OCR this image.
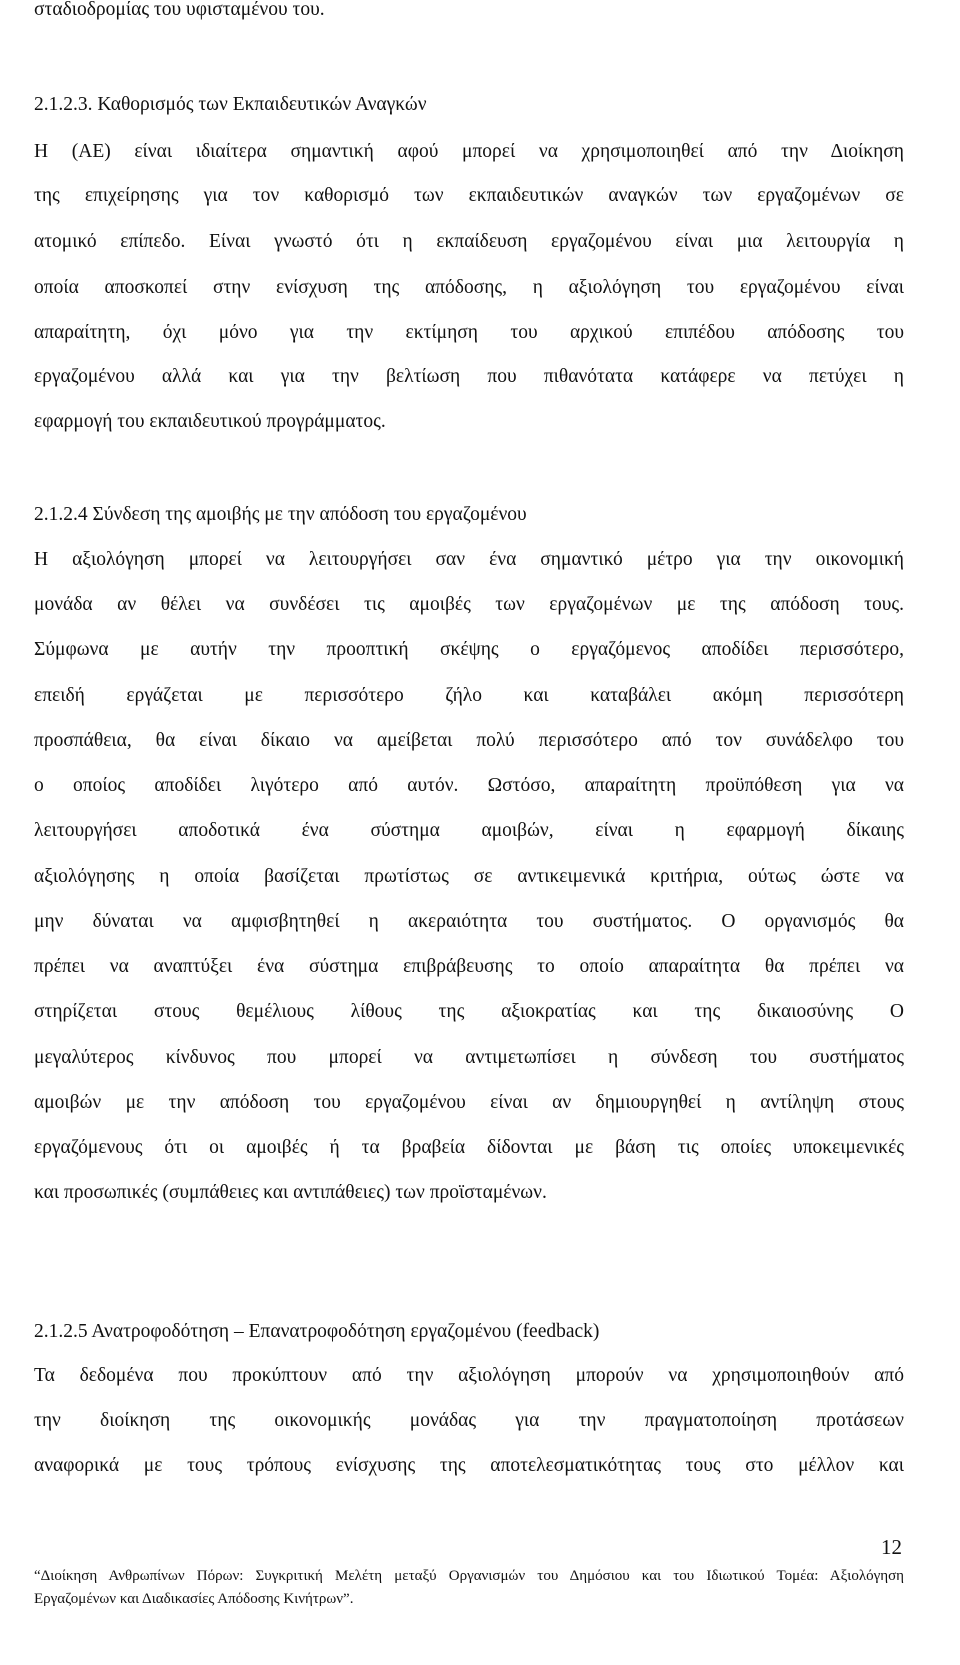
σταδιοδρομίας του υφισταμένου του.
2.1.2.3. Καθορισμός των Εκπαιδευτικών Αναγκών
Η (ΑΕ) είναι ιδιαίτερα σημαντική αφού μπορεί να χρησιμοποιηθεί από την Διοίκηση
της επιχείρησης για τον καθορισμό των εκπαιδευτικών αναγκών των εργαζομένων σε
ατομικό επίπεδο. Είναι γνωστό ότι η εκπαίδευση εργαζομένου είναι μια λειτουργία η
οποία αποσκοπεί στην ενίσχυση της απόδοσης, η αξιολόγηση του εργαζομένου είναι
απαραίτητη, όχι μόνο για την εκτίμηση του αρχικού επιπέδου απόδοσης του
εργαζομένου αλλά και για την βελτίωση που πιθανότατα κατάφερε να πετύχει η
εφαρμογή του εκπαιδευτικού προγράμματος.
2.1.2.4 Σύνδεση της αμοιβής με την απόδοση του εργαζομένου
Η αξιολόγηση μπορεί να λειτουργήσει σαν ένα σημαντικό μέτρο για την οικονομική
μονάδα αν θέλει να συνδέσει τις αμοιβές των εργαζομένων με της απόδοση τους.
Σύμφωνα με αυτήν την προοπτική σκέψης ο εργαζόμενος αποδίδει περισσότερο,
επειδή εργάζεται με περισσότερο ζήλο και καταβάλει ακόμη περισσότερη
προσπάθεια, θα είναι δίκαιο να αμείβεται πολύ περισσότερο από τον συνάδελφο του
ο οποίος αποδίδει λιγότερο από αυτόν. Ωστόσο, απαραίτητη προϋπόθεση για να
λειτουργήσει αποδοτικά ένα σύστημα αμοιβών, είναι η εφαρμογή δίκαιης
αξιολόγησης η οποία βασίζεται πρωτίστως σε αντικειμενικά κριτήρια, ούτως ώστε να
μην δύναται να αμφισβητηθεί η ακεραιότητα του συστήματος. Ο οργανισμός θα
πρέπει να αναπτύξει ένα σύστημα επιβράβευσης το οποίο απαραίτητα θα πρέπει να
στηρίζεται στους θεμέλιους λίθους της αξιοκρατίας και της δικαιοσύνης Ο
μεγαλύτερος κίνδυνος που μπορεί να αντιμετωπίσει η σύνδεση του συστήματος
αμοιβών με την απόδοση του εργαζομένου είναι αν δημιουργηθεί η αντίληψη στους
εργαζόμενους ότι οι αμοιβές ή τα βραβεία δίδονται με βάση τις οποίες υποκειμενικές
και προσωπικές (συμπάθειες και αντιπάθειες) των προϊσταμένων.
2.1.2.5 Ανατροφοδότηση – Επανατροφοδότηση εργαζομένου (feedback)
Τα δεδομένα που προκύπτουν από την αξιολόγηση μπορούν να χρησιμοποιηθούν από
την διοίκηση της οικονομικής μονάδας για την πραγματοποίηση προτάσεων
αναφορικά με τους τρόπους ενίσχυσης της αποτελεσματικότητας τους στο μέλλον και
12
“Διοίκηση Ανθρωπίνων Πόρων: Συγκριτική Μελέτη μεταξύ Οργανισμών του Δημόσιου και του Ιδιωτικού Τομέα: Αξιολόγηση
Εργαζομένων και Διαδικασίες Απόδοσης Κινήτρων”.
